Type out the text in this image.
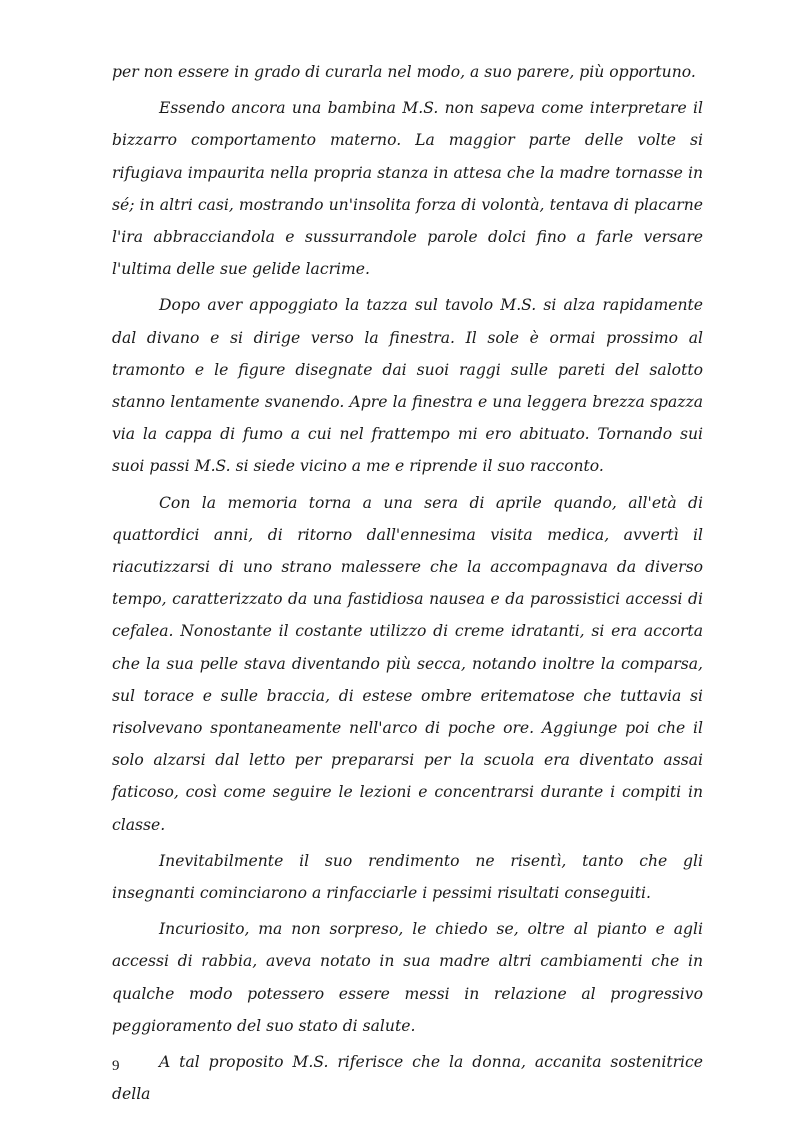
per non essere in grado di curarla nel modo, a suo parere, più opportuno.

Essendo ancora una bambina M.S. non sapeva come interpretare il bizzarro comportamento materno. La maggior parte delle volte si rifugiava impaurita nella propria stanza in attesa che la madre tornasse in sé; in altri casi, mostrando un'insolita forza di volontà, tentava di placarne l'ira abbracciandola e sussurrandole parole dolci fino a farle versare l'ultima delle sue gelide lacrime.

Dopo aver appoggiato la tazza sul tavolo M.S. si alza rapidamente dal divano e si dirige verso la finestra. Il sole è ormai prossimo al tramonto e le figure disegnate dai suoi raggi sulle pareti del salotto stanno lentamente svanendo. Apre la finestra e una leggera brezza spazza via la cappa di fumo a cui nel frattempo mi ero abituato. Tornando sui suoi passi M.S. si siede vicino a me e riprende il suo racconto.

Con la memoria torna a una sera di aprile quando, all'età di quattordici anni, di ritorno dall'ennesima visita medica, avvertì il riacutizzarsi di uno strano malessere che la accompagnava da diverso tempo, caratterizzato da una fastidiosa nausea e da parossistici accessi di cefalea. Nonostante il costante utilizzo di creme idratanti, si era accorta che la sua pelle stava diventando più secca, notando inoltre la comparsa, sul torace e sulle braccia, di estese ombre eritematose che tuttavia si risolvevano spontaneamente nell'arco di poche ore. Aggiunge poi che il solo alzarsi dal letto per prepararsi per la scuola era diventato assai faticoso, così come seguire le lezioni e concentrarsi durante i compiti in classe.

Inevitabilmente il suo rendimento ne risentì, tanto che gli insegnanti cominciarono a rinfacciarle i pessimi risultati conseguiti.

Incuriosito, ma non sorpreso, le chiedo se, oltre al pianto e agli accessi di rabbia, aveva notato in sua madre altri cambiamenti che in qualche modo potessero essere messi in relazione al progressivo peggioramento del suo stato di salute.

A tal proposito M.S. riferisce che la donna, accanita sostenitrice della

9
